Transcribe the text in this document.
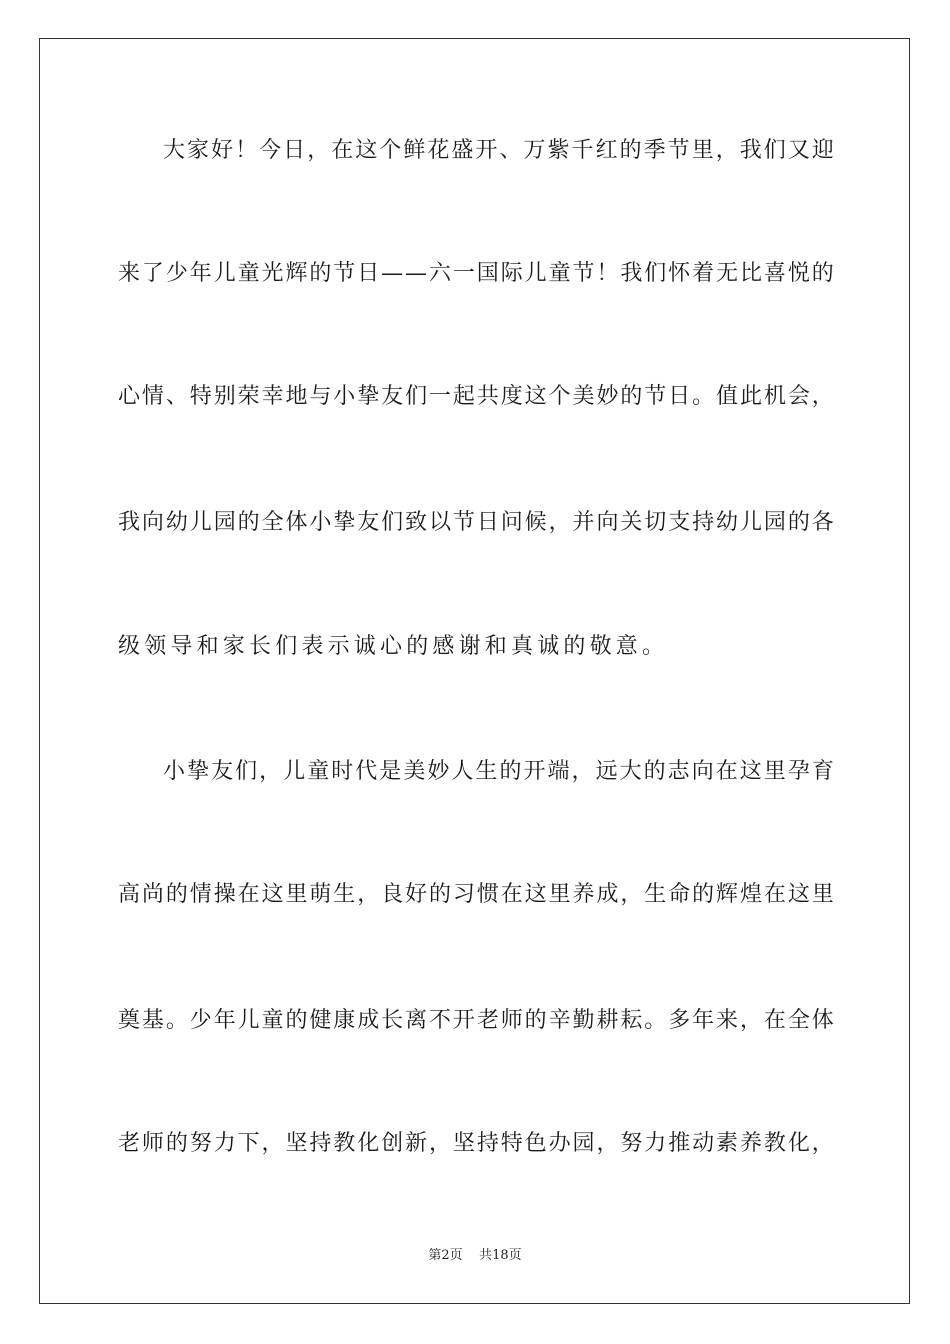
大 家 好 ！ 今 日 ， 在 这 个 鲜 花 盛 开 、 万 紫 千 红 的 季 节 里 ， 我 们 又 迎
来 了 少 年 儿 童 光 辉 的 节 日 — — 六 一 国 际 儿 童 节 ！ 我 们 怀 着 无 比 喜 悦 的
心 情 、 特 别 荣 幸 地 与 小 挚 友 们 一 起 共 度 这 个 美 妙 的 节 日 。 值 此 机 会 ，
我 向 幼 儿 园 的 全 体 小 挚 友 们 致 以 节 日 问 候 ， 并 向 关 切 支 持 幼 儿 园 的 各
级领导和家长们表示诚心的感谢和真诚的敬意。
小 挚 友 们 ， 儿 童 时 代 是 美 妙 人 生 的 开 端 ， 远 大 的 志 向 在 这 里 孕 育
高 尚 的 情 操 在 这 里 萌 生 ， 良 好 的 习 惯 在 这 里 养 成 ， 生 命 的 辉 煌 在 这 里
奠 基 。 少 年 儿 童 的 健 康 成 长 离 不 开 老 师 的 辛 勤 耕 耘 。 多 年 来 ， 在 全 体
老 师 的 努 力 下 ， 坚 持 教 化 创 新 ， 坚 持 特 色 办 园 ， 努 力 推 动 素 养 教 化 ，
第2页 共18页
